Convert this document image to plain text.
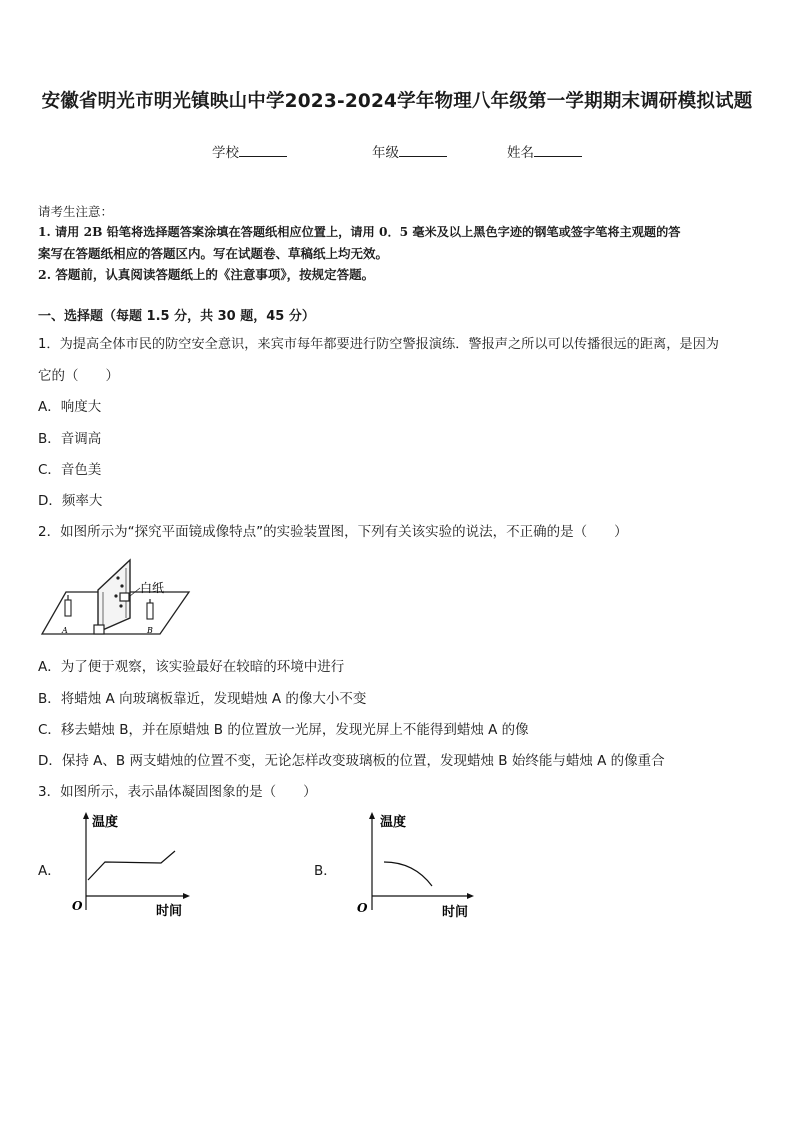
安徽省明光市明光镇映山中学2023-2024学年物理八年级第一学期期末调研模拟试题
学校	年级	姓名
请考生注意：
1. 请用 2B 铅笔将选择题答案涂填在答题纸相应位置上，请用 0．5 毫米及以上黑色字迹的钢笔或签字笔将主观题的答
案写在答题纸相应的答题区内。写在试题卷、草稿纸上均无效。
2. 答题前，认真阅读答题纸上的《注意事项》，按规定答题。
一、选择题（每题 1.5 分，共 30 题，45 分）
1．为提高全体市民的防空安全意识，来宾市每年都要进行防空警报演练．警报声之所以可以传播很远的距离，是因为
它的（　　）
A．响度大
B．音调高
C．音色美
D．频率大
2．如图所示为“探究平面镜成像特点”的实验装置图，下列有关该实验的说法，不正确的是（　　）
白纸
A	B
A．为了便于观察，该实验最好在较暗的环境中进行
B．将蜡烛 A 向玻璃板靠近，发现蜡烛 A 的像大小不变
C．移去蜡烛 B，并在原蜡烛 B 的位置放一光屏，发现光屏上不能得到蜡烛 A 的像
D．保持 A、B 两支蜡烛的位置不变，无论怎样改变玻璃板的位置，发现蜡烛 B 始终能与蜡烛 A 的像重合
3．如图所示，表示晶体凝固图象的是（　　）
A．
温度
时间
O
B．
温度
时间
O
